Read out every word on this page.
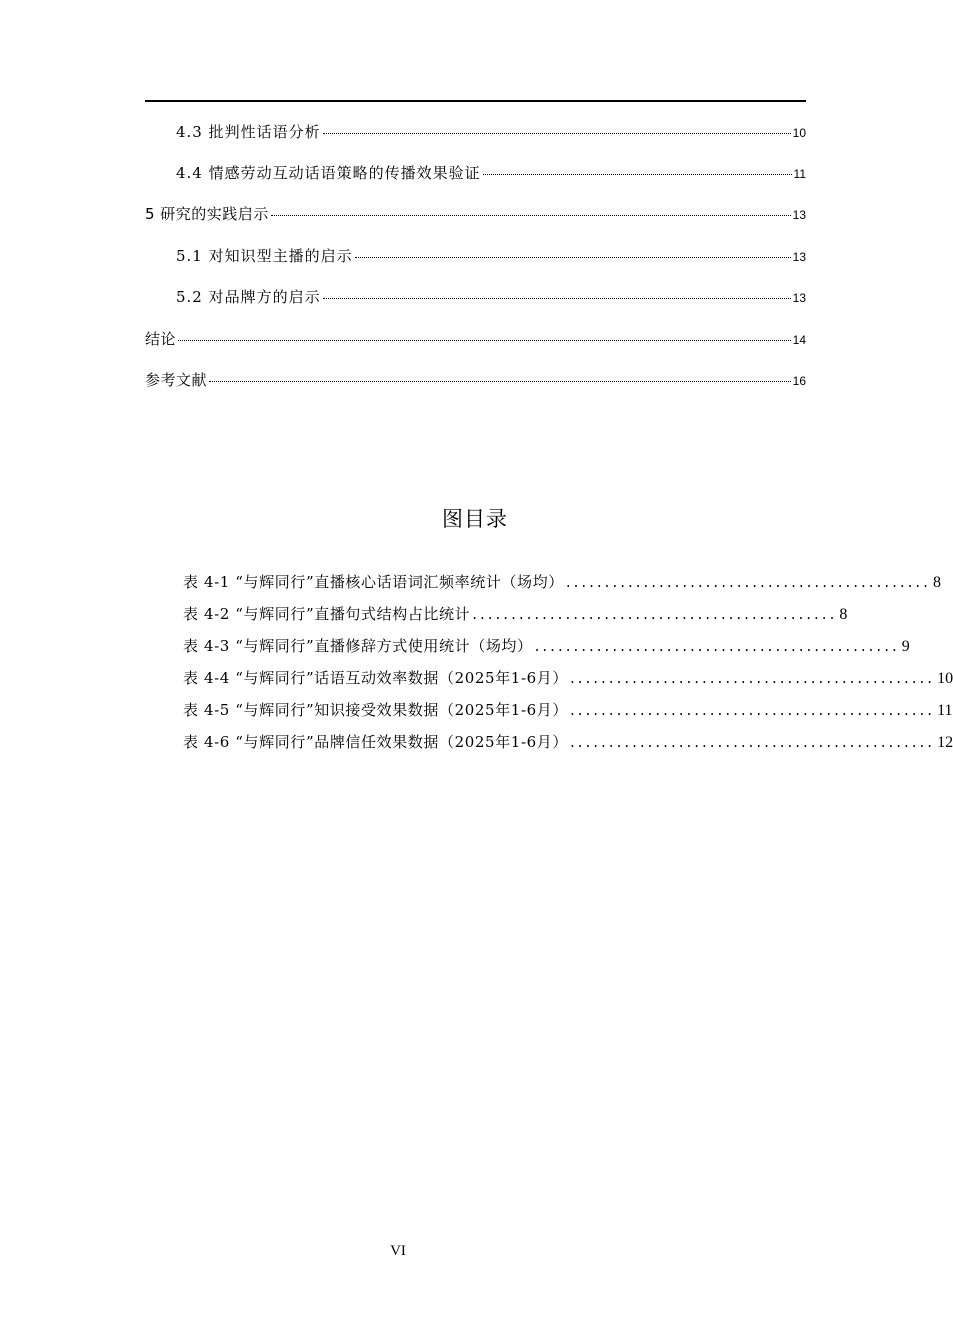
4.3 批判性话语分析	10
4.4 情感劳动互动话语策略的传播效果验证	11
5 研究的实践启示	13
5.1 对知识型主播的启示	13
5.2 对品牌方的启示	13
结论	14
参考文献	16
图目录
表 4-1 “与辉同行”直播核心话语词汇频率统计（场均） ............................................... 8
表 4-2 “与辉同行”直播句式结构占比统计 ............................................... 8
表 4-3 “与辉同行”直播修辞方式使用统计（场均） ............................................... 9
表 4-4 “与辉同行”话语互动效率数据（2025年1-6月） ............................................... 10
表 4-5 “与辉同行”知识接受效果数据（2025年1-6月） ............................................... 11
表 4-6 “与辉同行”品牌信任效果数据（2025年1-6月） ............................................... 12
VI
